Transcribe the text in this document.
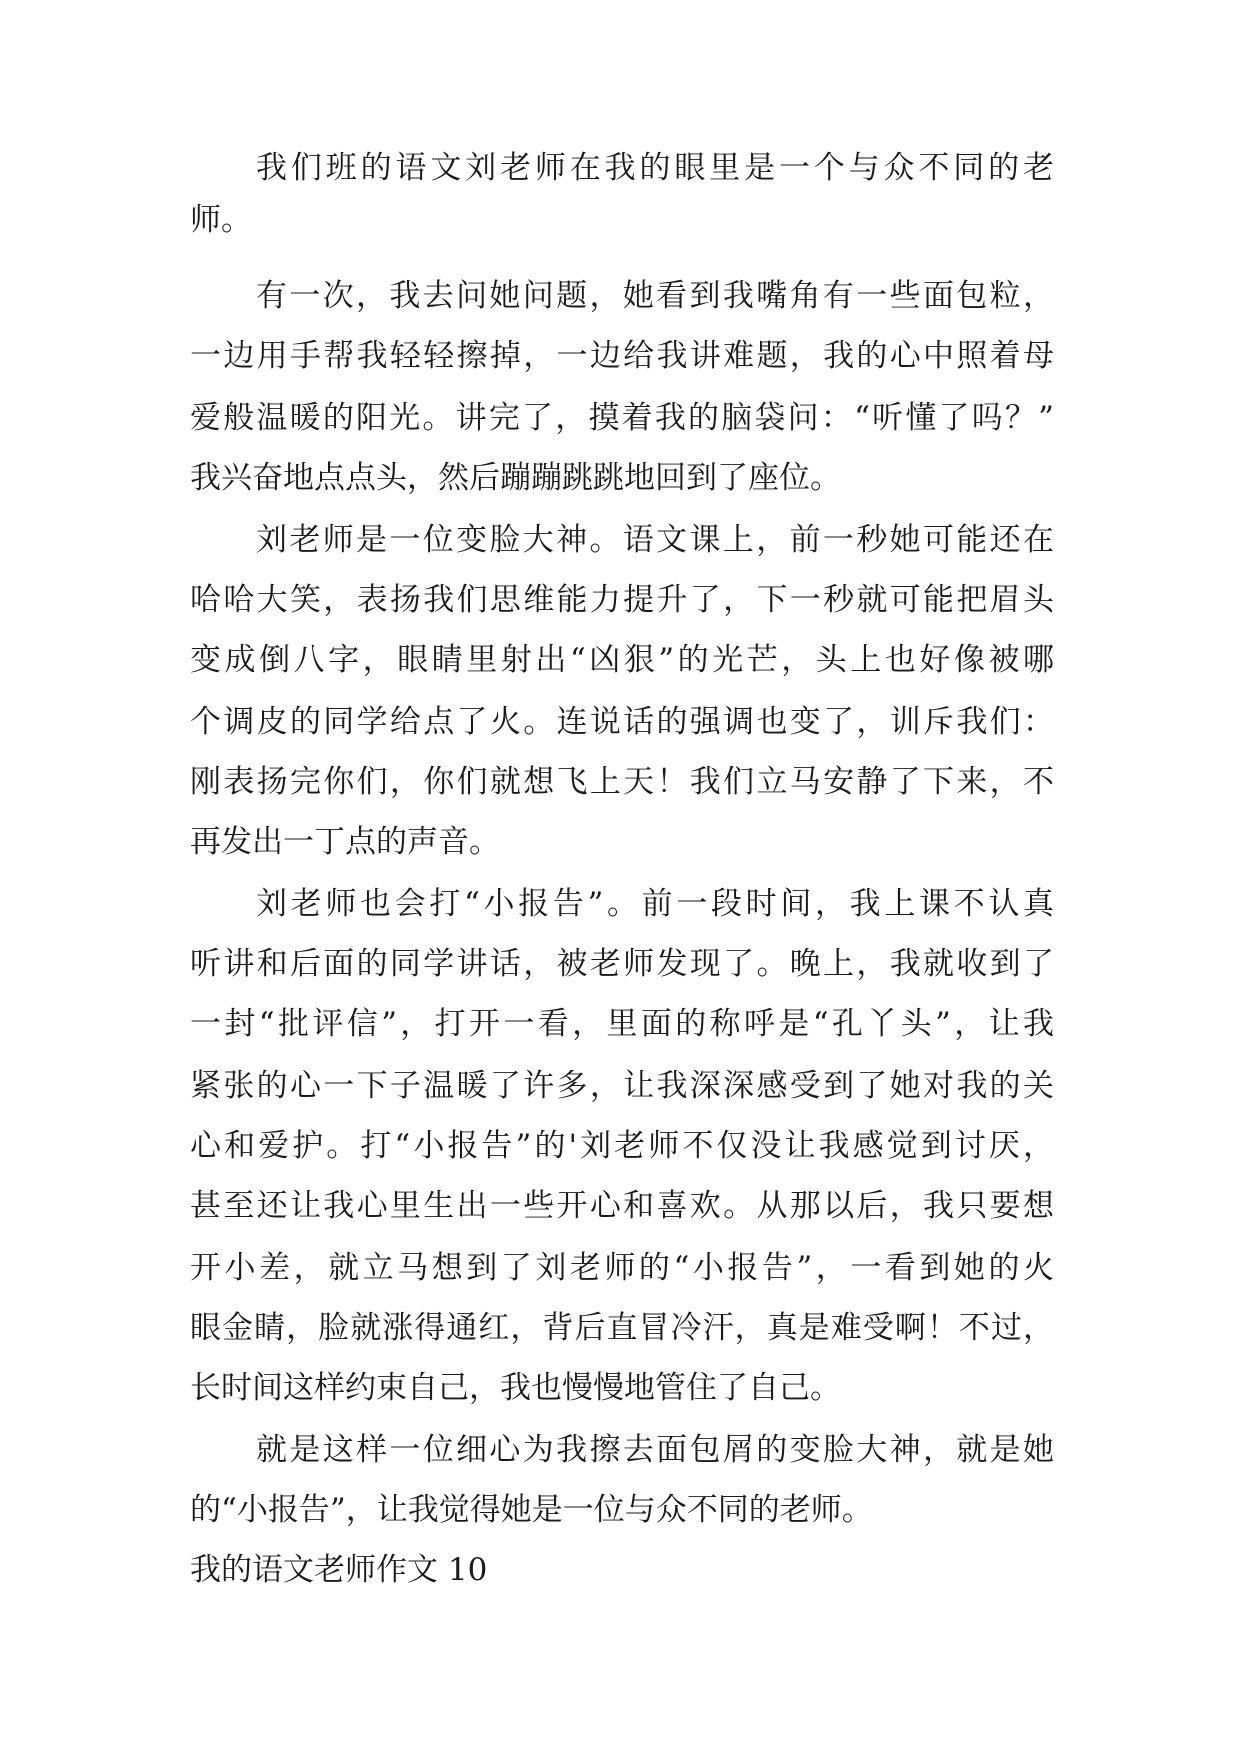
我们班的语文刘老师在我的眼里是一个与众不同的老
师。
有一次，我去问她问题，她看到我嘴角有一些面包粒，
一边用手帮我轻轻擦掉，一边给我讲难题，我的心中照着母
爱般温暖的阳光。讲完了，摸着我的脑袋问：“听懂了吗？”
我兴奋地点点头，然后蹦蹦跳跳地回到了座位。
刘老师是一位变脸大神。语文课上，前一秒她可能还在
哈哈大笑，表扬我们思维能力提升了，下一秒就可能把眉头
变成倒八字，眼睛里射出“凶狠”的光芒，头上也好像被哪
个调皮的同学给点了火。连说话的强调也变了，训斥我们：
刚表扬完你们，你们就想飞上天！我们立马安静了下来，不
再发出一丁点的声音。
刘老师也会打“小报告”。前一段时间，我上课不认真
听讲和后面的同学讲话，被老师发现了。晚上，我就收到了
一封“批评信”，打开一看，里面的称呼是“孔丫头”，让我
紧张的心一下子温暖了许多，让我深深感受到了她对我的关
心和爱护。打“小报告”的'刘老师不仅没让我感觉到讨厌，
甚至还让我心里生出一些开心和喜欢。从那以后，我只要想
开小差，就立马想到了刘老师的“小报告”，一看到她的火
眼金睛，脸就涨得通红，背后直冒冷汗，真是难受啊！不过，
长时间这样约束自己，我也慢慢地管住了自己。
就是这样一位细心为我擦去面包屑的变脸大神，就是她
的“小报告”，让我觉得她是一位与众不同的老师。
我的语文老师作文 10
